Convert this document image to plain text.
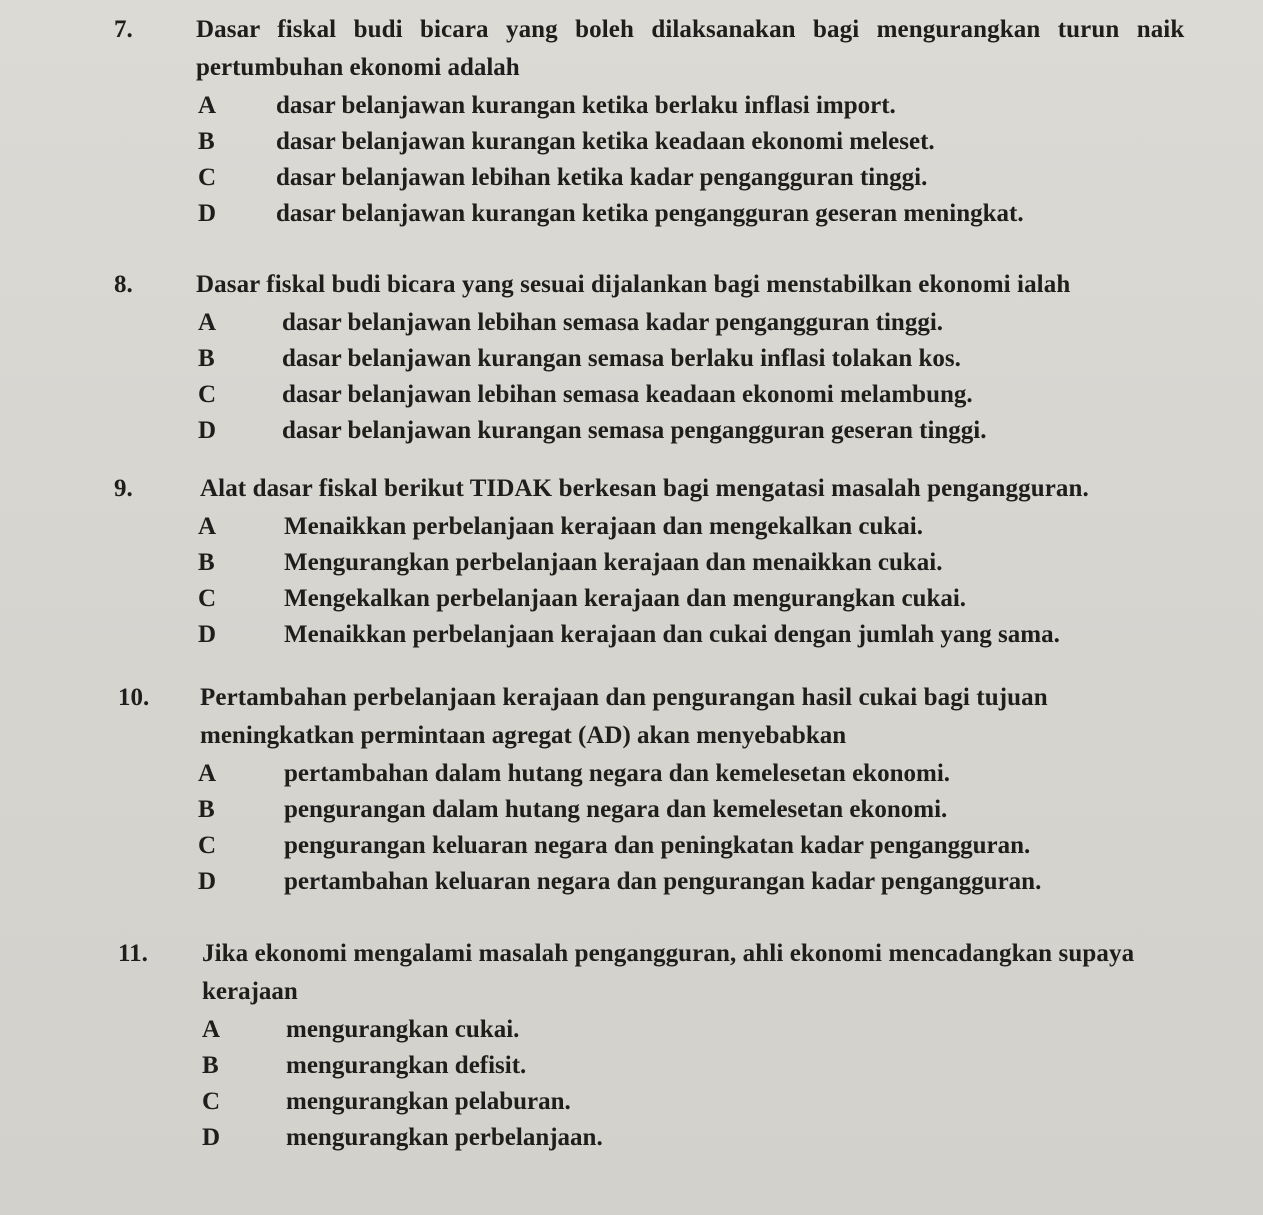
7.	Dasar fiskal budi bicara yang boleh dilaksanakan bagi mengurangkan turun naik
pertumbuhan ekonomi adalah
A dasar belanjawan kurangan ketika berlaku inflasi import.
B dasar belanjawan kurangan ketika keadaan ekonomi meleset.
C dasar belanjawan lebihan ketika kadar pengangguran tinggi.
D dasar belanjawan kurangan ketika pengangguran geseran meningkat.
8.	Dasar fiskal budi bicara yang sesuai dijalankan bagi menstabilkan ekonomi ialah
A	dasar belanjawan lebihan semasa kadar pengangguran tinggi.
B	dasar belanjawan kurangan semasa berlaku inflasi tolakan kos.
C	dasar belanjawan lebihan semasa keadaan ekonomi melambung.
D	dasar belanjawan kurangan semasa pengangguran geseran tinggi.
9.	Alat dasar fiskal berikut TIDAK berkesan bagi mengatasi masalah pengangguran.
A	Menaikkan perbelanjaan kerajaan dan mengekalkan cukai.
B	Mengurangkan perbelanjaan kerajaan dan menaikkan cukai.
C	Mengekalkan perbelanjaan kerajaan dan mengurangkan cukai.
D	Menaikkan perbelanjaan kerajaan dan cukai dengan jumlah yang sama.
10. Pertambahan perbelanjaan kerajaan dan pengurangan hasil cukai bagi tujuan
meningkatkan permintaan agregat (AD) akan menyebabkan
A	pertambahan dalam hutang negara dan kemelesetan ekonomi.
B	pengurangan dalam hutang negara dan kemelesetan ekonomi.
C	pengurangan keluaran negara dan peningkatan kadar pengangguran.
D	pertambahan keluaran negara dan pengurangan kadar pengangguran.
11. Jika ekonomi mengalami masalah pengangguran, ahli ekonomi mencadangkan supaya
kerajaan
A	mengurangkan cukai.
B	mengurangkan defisit.
C	mengurangkan pelaburan.
D	mengurangkan perbelanjaan.
